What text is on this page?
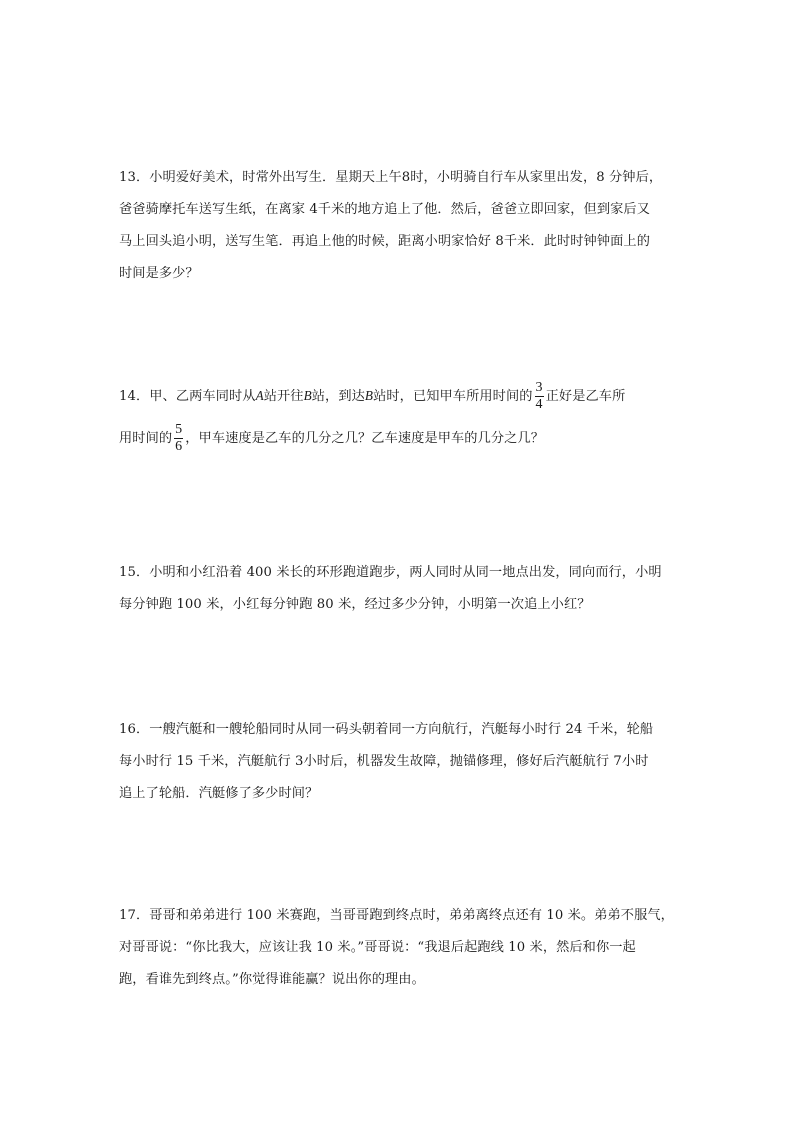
13．小明爱好美术，时常外出写生．星期天上午8时，小明骑自行车从家里出发，8 分钟后，
爸爸骑摩托车送写生纸，在离家 4千米的地方追上了他．然后，爸爸立即回家，但到家后又
马上回头追小明，送写生笔．再追上他的时候，距离小明家恰好 8千米．此时时钟钟面上的
时间是多少？
14．甲、乙两车同时从A站开往B站，到达B站时，已知甲车所用时间的 $\frac{3}{4}$ 正好是乙车所
用时间的 $\frac{5}{6}$ ，甲车速度是乙车的几分之几？乙车速度是甲车的几分之几？
15．小明和小红沿着 400 米长的环形跑道跑步，两人同时从同一地点出发，同向而行，小明
每分钟跑 100 米，小红每分钟跑 80 米，经过多少分钟，小明第一次追上小红？
16．一艘汽艇和一艘轮船同时从同一码头朝着同一方向航行，汽艇每小时行 24 千米，轮船
每小时行 15 千米，汽艇航行 3小时后，机器发生故障，抛锚修理，修好后汽艇航行 7小时
追上了轮船．汽艇修了多少时间？
17．哥哥和弟弟进行 100 米赛跑，当哥哥跑到终点时，弟弟离终点还有 10 米。弟弟不服气，
对哥哥说：“你比我大，应该让我 10 米。”哥哥说：“我退后起跑线 10 米，然后和你一起
跑，看谁先到终点。”你觉得谁能赢？说出你的理由。
